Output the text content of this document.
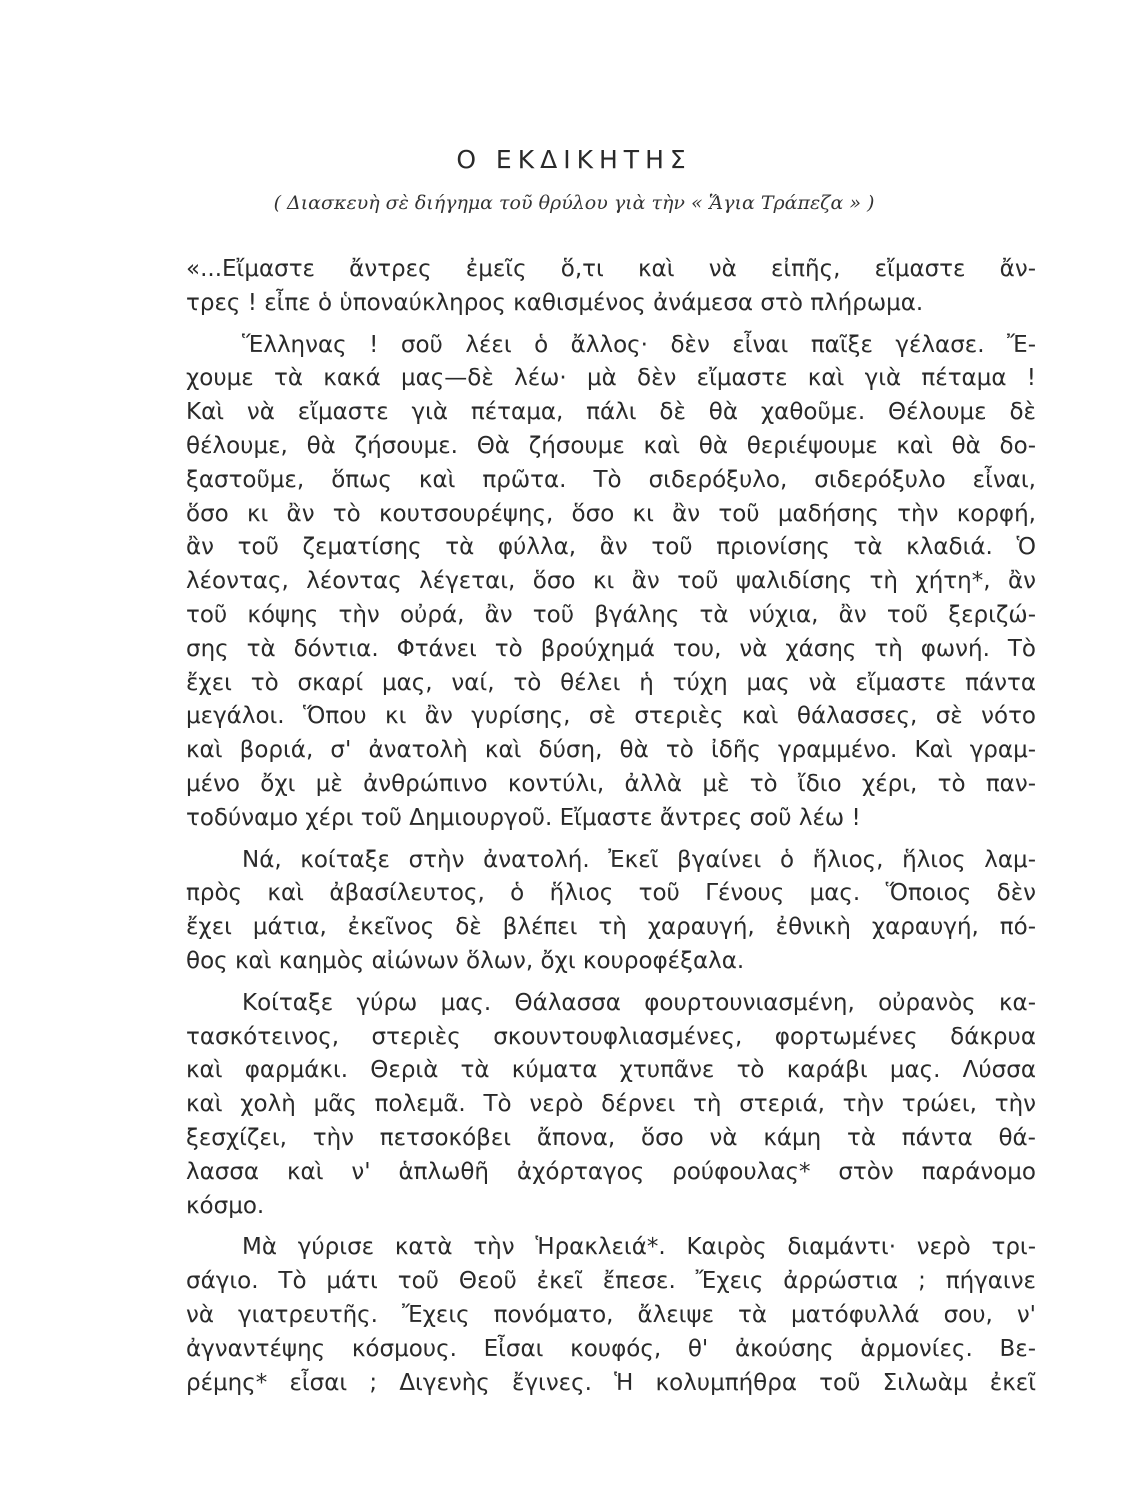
Ο ΕΚΔΙΚΗΤΗΣ
( Διασκευὴ σὲ διήγημα τοῦ θρύλου γιὰ τὴν « Ἅγια Τράπεζα » )
«...Εἴμαστε ἄντρες ἐμεῖς ὅ,τι καὶ νὰ εἰπῆς, εἴμαστε ἄν-
τρες ! εἶπε ὁ ὑποναύκληρος καθισμένος ἀνάμεσα στὸ πλήρωμα.
Ἕλληνας ! σοῦ λέει ὁ ἄλλος· δὲν εἶναι παῖξε γέλασε. Ἔ-
χουμε τὰ κακά μας—δὲ λέω· μὰ δὲν εἴμαστε καὶ γιὰ πέταμα !
Καὶ νὰ εἴμαστε γιὰ πέταμα, πάλι δὲ θὰ χαθοῦμε. Θέλουμε δὲ
θέλουμε, θὰ ζήσουμε. Θὰ ζήσουμε καὶ θὰ θεριέψουμε καὶ θὰ δο-
ξαστοῦμε, ὅπως καὶ πρῶτα. Τὸ σιδερόξυλο, σιδερόξυλο εἶναι,
ὅσο κι ἂν τὸ κουτσουρέψης, ὅσο κι ἂν τοῦ μαδήσης τὴν κορφή,
ἂν τοῦ ζεματίσης τὰ φύλλα, ἂν τοῦ πριονίσης τὰ κλαδιά. Ὁ
λέοντας, λέοντας λέγεται, ὅσο κι ἂν τοῦ ψαλιδίσης τὴ χήτη*, ἂν
τοῦ κόψης τὴν οὐρά, ἂν τοῦ βγάλης τὰ νύχια, ἂν τοῦ ξεριζώ-
σης τὰ δόντια. Φτάνει τὸ βρούχημά του, νὰ χάσης τὴ φωνή. Τὸ
ἔχει τὸ σκαρί μας, ναί, τὸ θέλει ἡ τύχη μας νὰ εἴμαστε πάντα
μεγάλοι. Ὅπου κι ἂν γυρίσης, σὲ στεριὲς καὶ θάλασσες, σὲ νότο
καὶ βοριά, σ' ἀνατολὴ καὶ δύση, θὰ τὸ ἰδῆς γραμμένο. Καὶ γραμ-
μένο ὄχι μὲ ἀνθρώπινο κοντύλι, ἀλλὰ μὲ τὸ ἴδιο χέρι, τὸ παν-
τοδύναμο χέρι τοῦ Δημιουργοῦ. Εἴμαστε ἄντρες σοῦ λέω !
Νά, κοίταξε στὴν ἀνατολή. Ἐκεῖ βγαίνει ὁ ἥλιος, ἥλιος λαμ-
πρὸς καὶ ἀβασίλευτος, ὁ ἥλιος τοῦ Γένους μας. Ὅποιος δὲν
ἔχει μάτια, ἐκεῖνος δὲ βλέπει τὴ χαραυγή, ἐθνικὴ χαραυγή, πό-
θος καὶ καημὸς αἰώνων ὅλων, ὄχι κουροφέξαλα.
Κοίταξε γύρω μας. Θάλασσα φουρτουνιασμένη, οὐρανὸς κα-
τασκότεινος, στεριὲς σκουντουφλιασμένες, φορτωμένες δάκρυα
καὶ φαρμάκι. Θεριὰ τὰ κύματα χτυπᾶνε τὸ καράβι μας. Λύσσα
καὶ χολὴ μᾶς πολεμᾶ. Τὸ νερὸ δέρνει τὴ στεριά, τὴν τρώει, τὴν
ξεσχίζει, τὴν πετσοκόβει ἄπονα, ὅσο νὰ κάμη τὰ πάντα θά-
λασσα καὶ ν' ἁπλωθῆ ἀχόρταγος ρούφουλας* στὸν παράνομο
κόσμο.
Μὰ γύρισε κατὰ τὴν Ἡρακλειά*. Καιρὸς διαμάντι· νερὸ τρι-
σάγιο. Τὸ μάτι τοῦ Θεοῦ ἐκεῖ ἔπεσε. Ἔχεις ἀρρώστια ; πήγαινε
νὰ γιατρευτῆς. Ἔχεις πονόματο, ἄλειψε τὰ ματόφυλλά σου, ν'
ἀγναντέψης κόσμους. Εἶσαι κουφός, θ' ἀκούσης ἁρμονίες. Βε-
ρέμης* εἶσαι ; Διγενὴς ἔγινες. Ἡ κολυμπήθρα τοῦ Σιλωὰμ ἐκεῖ
